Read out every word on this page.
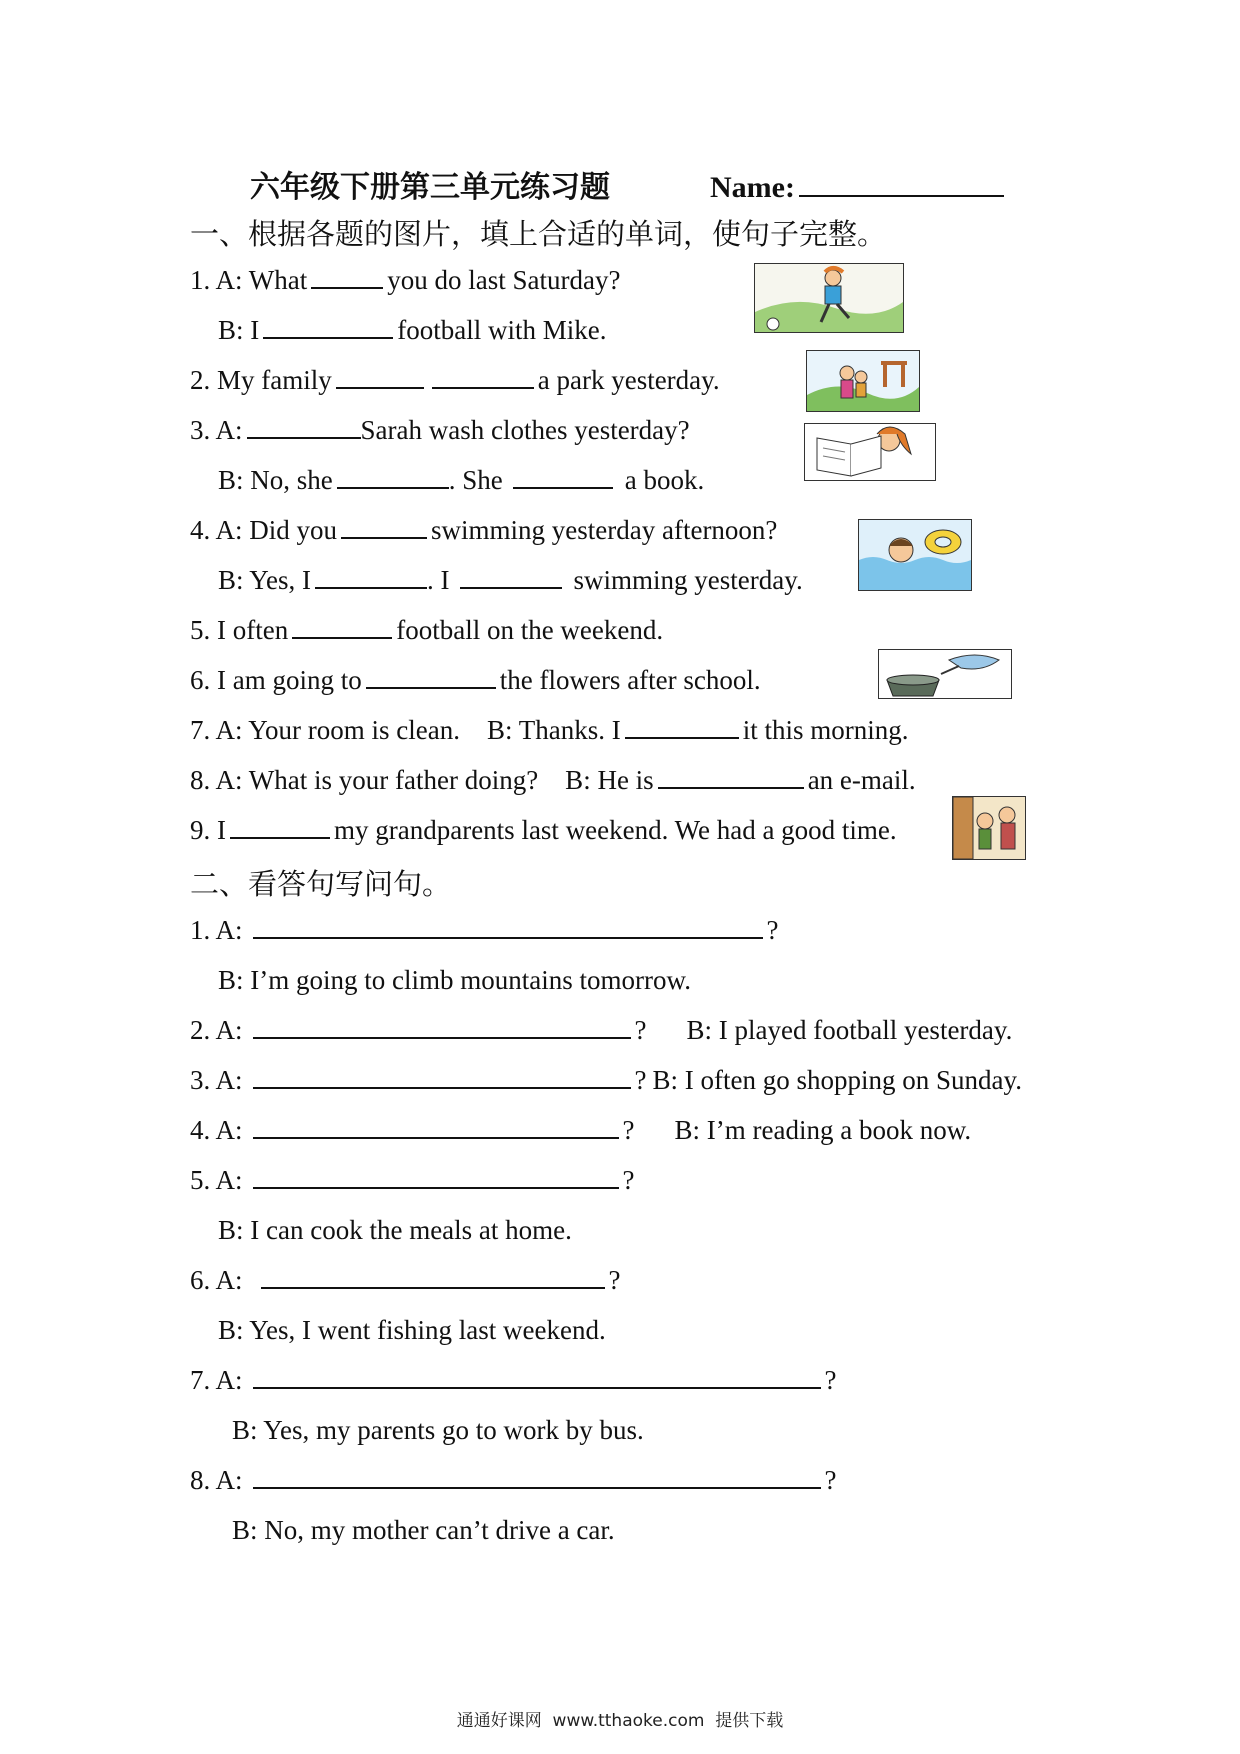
六年级下册第三单元练习题	Name:
一、根据各题的图片，填上合适的单词，使句子完整。
1. A: What	you do last Saturday?
B: I	football with Mike.
2. My family	a park yesterday.
3. A:	Sarah wash clothes yesterday?
B: No, she	. She	a book.
4. A: Did you	swimming yesterday afternoon?
B: Yes, I	. I	swimming yesterday.
5. I often	football on the weekend.
6. I am going to	the flowers after school.
7. A: Your room is clean.    B: Thanks. I	it this morning.
8. A: What is your father doing?    B: He is	an e-mail.
9. I	my grandparents last weekend. We had a good time.
二、看答句写问句。
1. A:	?
B: I’m going to climb mountains tomorrow.
2. A:	? B: I played football yesterday.
3. A:	? B: I often go shopping on Sunday.
4. A:	? B: I’m reading a book now.
5. A:	?
B: I can cook the meals at home.
6. A:	?
B: Yes, I went fishing last weekend.
7. A:	?
B: Yes, my parents go to work by bus.
8. A:	?
B: No, my mother can’t drive a car.
通通好课网  www.tthaoke.com  提供下载
